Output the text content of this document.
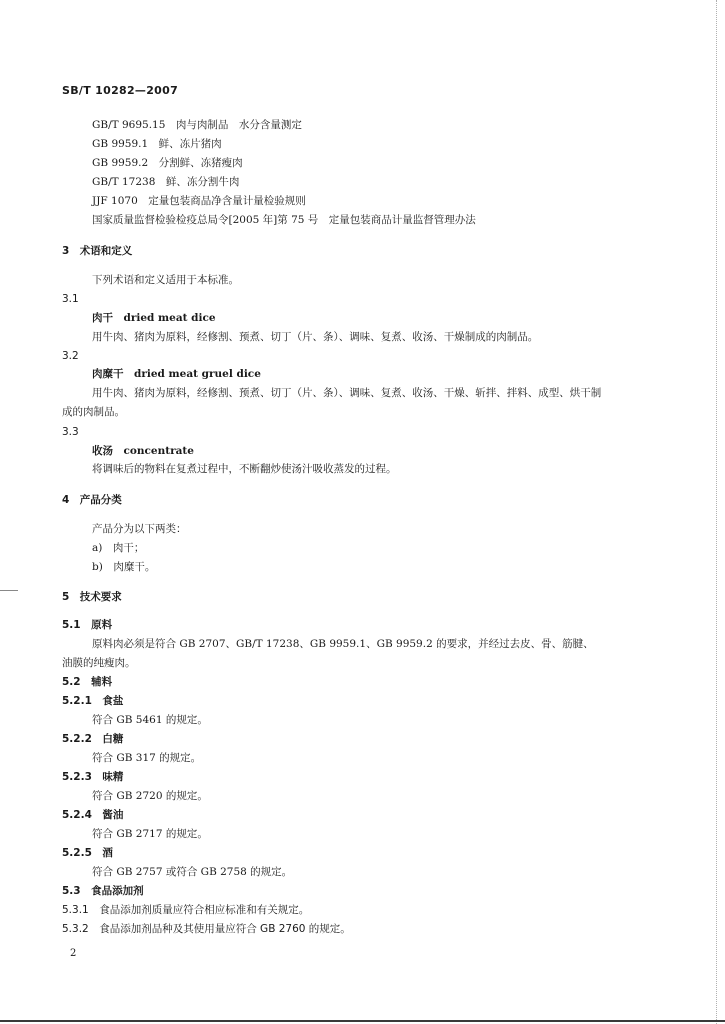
SB/T 10282—2007
GB/T 9695.15　肉与肉制品　水分含量测定
GB 9959.1　鲜、冻片猪肉
GB 9959.2　分割鲜、冻猪瘦肉
GB/T 17238　鲜、冻分割牛肉
JJF 1070　定量包装商品净含量计量检验规则
国家质量监督检验检疫总局令[2005 年]第 75 号　定量包装商品计量监督管理办法
3　术语和定义
下列术语和定义适用于本标准。
3.1
肉干　dried meat dice
用牛肉、猪肉为原料，经修割、预煮、切丁（片、条）、调味、复煮、收汤、干燥制成的肉制品。
3.2
肉糜干　dried meat gruel dice
用牛肉、猪肉为原料，经修割、预煮、切丁（片、条）、调味、复煮、收汤、干燥、斩拌、拌料、成型、烘干制
成的肉制品。
3.3
收汤　concentrate
将调味后的物料在复煮过程中，不断翻炒使汤汁吸收蒸发的过程。
4　产品分类
产品分为以下两类：
a)　肉干；
b)　肉糜干。
5　技术要求
5.1　原料
原料肉必须是符合 GB 2707、GB/T 17238、GB 9959.1、GB 9959.2 的要求，并经过去皮、骨、筋腱、
油膜的纯瘦肉。
5.2　辅料
5.2.1　食盐
符合 GB 5461 的规定。
5.2.2　白糖
符合 GB 317 的规定。
5.2.3　味精
符合 GB 2720 的规定。
5.2.4　酱油
符合 GB 2717 的规定。
5.2.5　酒
符合 GB 2757 或符合 GB 2758 的规定。
5.3　食品添加剂
5.3.1　食品添加剂质量应符合相应标准和有关规定。
5.3.2　食品添加剂品种及其使用量应符合 GB 2760 的规定。
2
